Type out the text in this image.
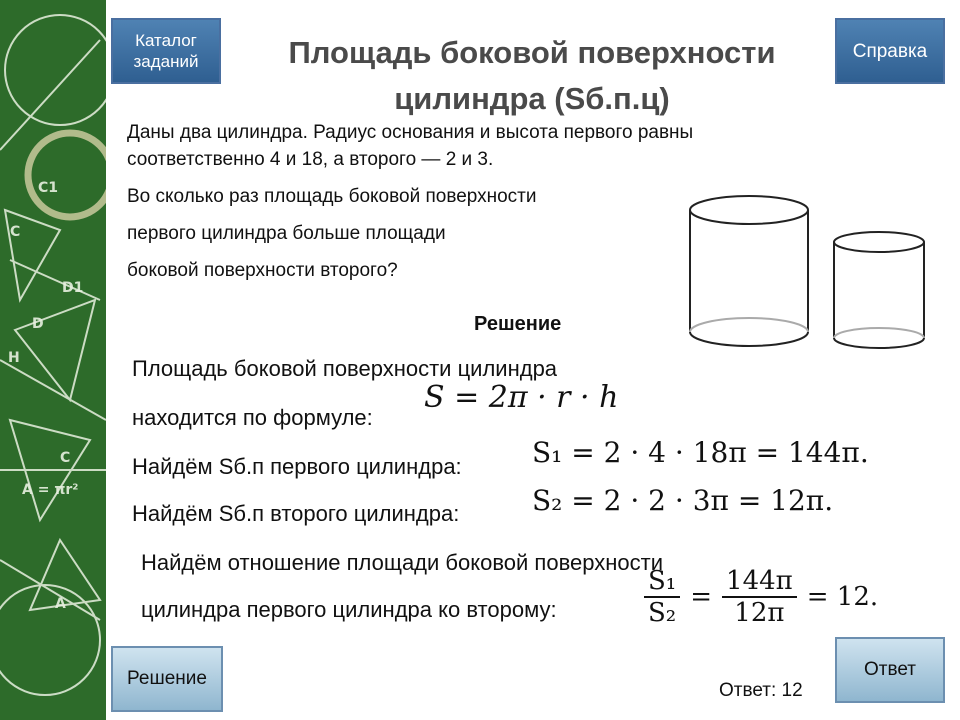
C1
C
D1
D
H
C
A = πr²
A
Каталог
заданий	Справка
Площадь боковой поверхности
цилиндра (Sб.п.ц)
Даны два цилиндра. Радиус основания и высота первого равны
соответственно 4 и 18, а второго — 2 и 3.
Во сколько раз площадь боковой поверхности
первого цилиндра больше площади
боковой поверхности второго?
Решение
Площадь боковой поверхности цилиндра
находится по формуле:
S = 2π · r · h
Найдём Sб.п первого цилиндра:	S₁ = 2 · 4 · 18π = 144π.
Найдём Sб.п второго цилиндра:	S₂ = 2 · 2 · 3π = 12π.
Найдём отношение площади боковой поверхности
цилиндра первого цилиндра ко второму:	$\frac{\text{S₁}}{\text{S₂}} = \frac{144\pi}{12\pi} = 12$.
Решение	Ответ
Ответ: 12
